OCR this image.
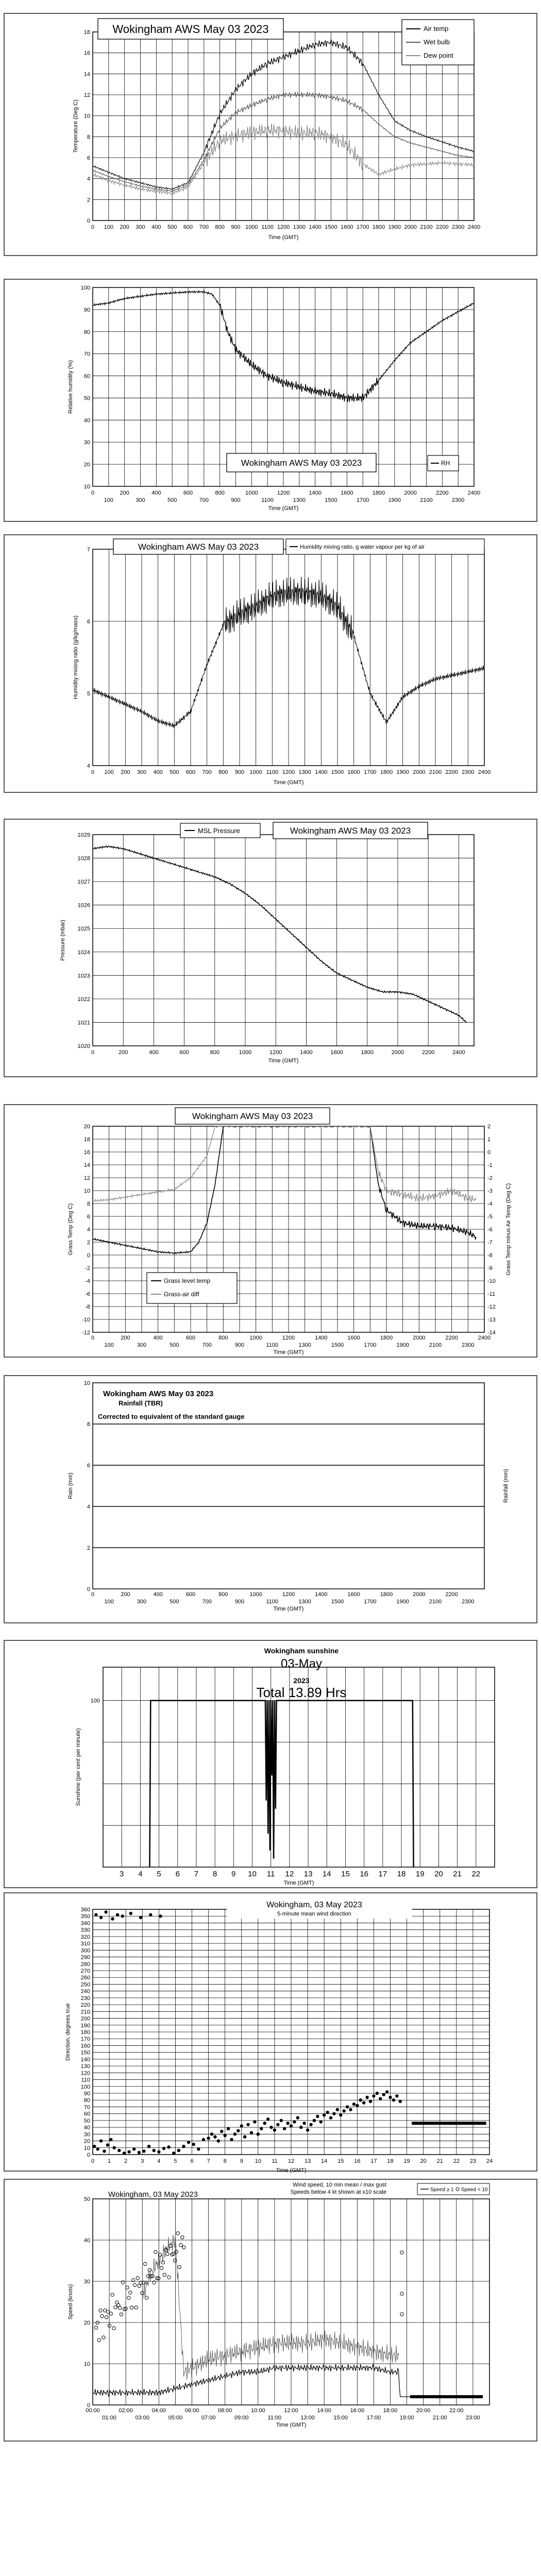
0
2
4
6
8
10
12
14
16
18
0 100 200 300 400 500 600 700 800 900 1000 1100 1200 1300 1400 1500 1600 1700 1800 1900 2000 2100 2200 2300 2400
Time (GMT)
Temperature (Deg C)
Wokingham AWS May 03 2023	Air temp
Wet bulb
Dew point
10
20
30
40
50
60
70
80
90
100
0	200	400	600	800	1000	1200	1400	1600	1800	2000	2200	2400
100	300	500	700	900	1100	1300	1500	1700	1900	2100	2300
Time (GMT)
Relative humidity (%)
Wokingham AWS May 03 2023	RH
4
5
6
7
0 100 200 300 400 500 600 700 800 900 1000 1100 1200 1300 1400 1500 1600 1700 1800 1900 2000 2100 2200 2300 2400
Time (GMT)
Humidity mixing ratio (g/kg/mass)
Wokingham AWS May 03 2023	Humidity mixing ratio, g water vapour per kg of air
1020
1021
1022
1023
1024
1025
1026
1027
1028
1029
0	200	400	600	800	1000	1200	1400	1600	1800	2000	2200	2400
Time (GMT)
Pressure (mbar)
MSL Pressure	Wokingham AWS May 03 2023
-12
-10
-8
-6
-4
-2
0
2
4
6
8
10
12
14
16
18
20
-14
-13
-12
-11
-10
-9
-8
-7
-6
-5
-4
-3
-2
-1
0
1
2
0	200	400	600	800	1000	1200	1400	1600	1800	2000	2200	2400
100	300	500	700	900	1100	1300	1500	1700	1900	2100	2300
Time (GMT)
Grass Temp (Deg C)	Grass Temp minus Air Temp (Deg C)
Wokingham AWS May 03 2023
Grass level temp
Grass-air diff
0
2
4
6
8
10
0	200	400	600	800	1000	1200	1400	1600	1800	2000	2200
100	300	500	700	900	1100	1300	1500	1700	1900	2100	2300
Time (GMT)
Rain (mm)	Rainfall (mm)
Wokingham AWS May 03 2023
Rainfall (TBR)
Corrected to equivalent of the standard gauge
3 4 5 6 7 8 9 10 11 12 13 14 15 16 17 18 19 20 21 22
100
Time (GMT)
Sunshine (per cent per minute)
Wokingham sunshine
03-May
2023
Total 13.89 Hrs
0
10
20
30
40
50
60
70
80
90
100
110
120
130
140
150
160
170
180
190
200
210
220
230
240
250
260
270
280
290
300
310
320
330
340
350
360
0 1 2 3 4 5 6 7 8 9 10 11 12 13 14 15 16 17 18 19 20 21 22 23 24
Time (GMT)
Direction, degrees true
Wokingham, 03 May 2023
5-minute mean wind direction
0
10
20
30
40
50
00:00	02:00	04:00	06:00	08:00	10:00	12:00	14:00	16:00	18:00	20:00	22:00
01:00	03:00	05:00	07:00	09:00	11:00	13:00	15:00	17:00	19:00	21:00	23:00
Time (GMT)
Speed (knots)
Wokingham, 03 May 2023
Wind speed, 10 min mean / max gust
Speeds below 4 kt shown at x10 scale	Speed ≥ 1 Speed < 10
